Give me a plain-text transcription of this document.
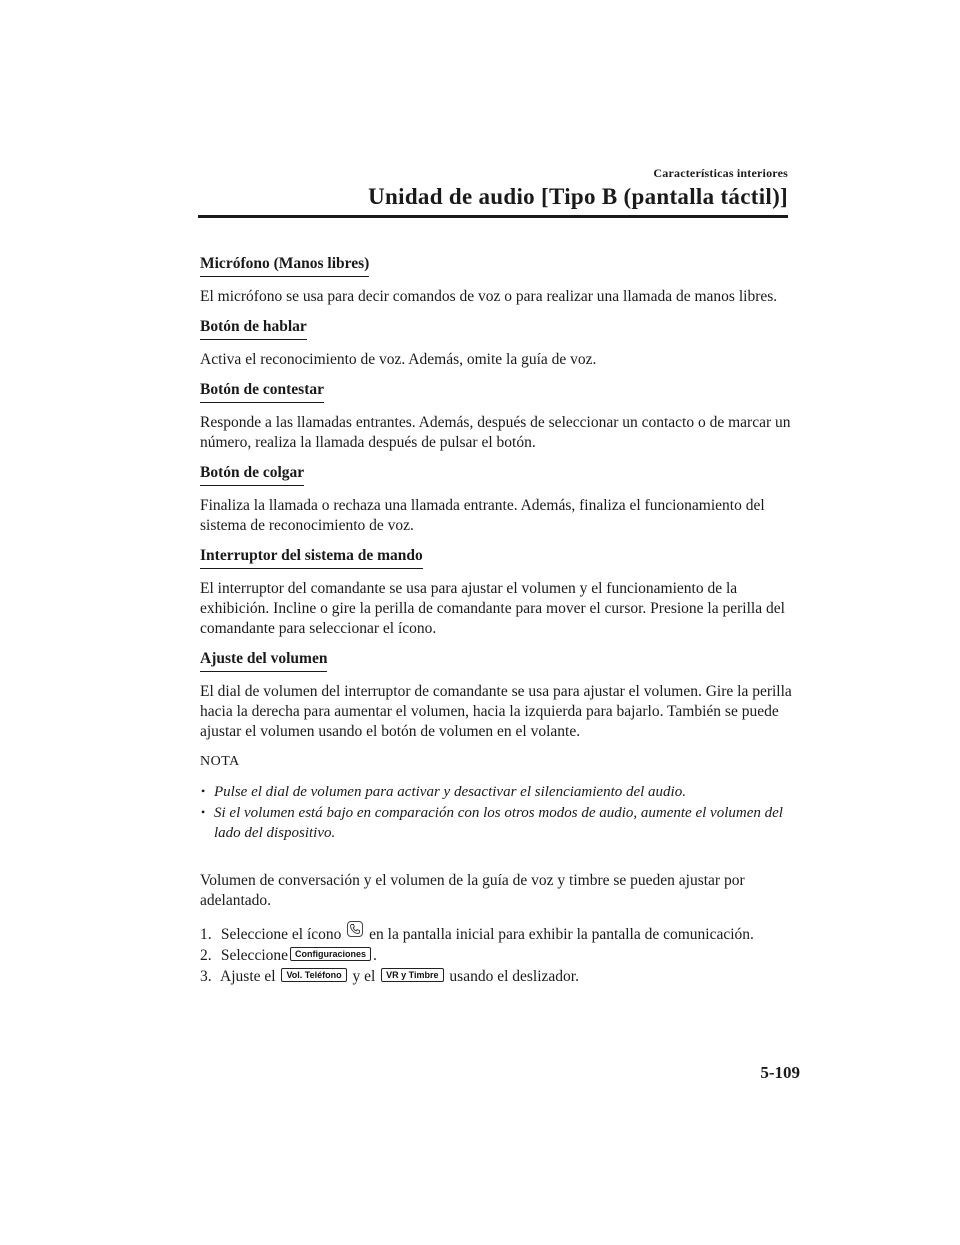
Características interiores
Unidad de audio [Tipo B (pantalla táctil)]
Micrófono (Manos libres)

El micrófono se usa para decir comandos de voz o para realizar una llamada de manos libres.

Botón de hablar

Activa el reconocimiento de voz. Además, omite la guía de voz.

Botón de contestar

Responde a las llamadas entrantes. Además, después de seleccionar un contacto o de marcar un número, realiza la llamada después de pulsar el botón.

Botón de colgar

Finaliza la llamada o rechaza una llamada entrante. Además, finaliza el funcionamiento del sistema de reconocimiento de voz.

Interruptor del sistema de mando

El interruptor del comandante se usa para ajustar el volumen y el funcionamiento de la exhibición. Incline o gire la perilla de comandante para mover el cursor. Presione la perilla del comandante para seleccionar el ícono.

Ajuste del volumen

El dial de volumen del interruptor de comandante se usa para ajustar el volumen. Gire la perilla hacia la derecha para aumentar el volumen, hacia la izquierda para bajarlo. También se puede ajustar el volumen usando el botón de volumen en el volante.

NOTA
• Pulse el dial de volumen para activar y desactivar el silenciamiento del audio.
• Si el volumen está bajo en comparación con los otros modos de audio, aumente el volumen del lado del dispositivo.

Volumen de conversación y el volumen de la guía de voz y timbre se pueden ajustar por adelantado.

1. Seleccione el ícono en la pantalla inicial para exhibir la pantalla de comunicación.
2. Seleccione Configuraciones .
3. Ajuste el Vol. Teléfono y el VR y Timbre usando el deslizador.
5-109
